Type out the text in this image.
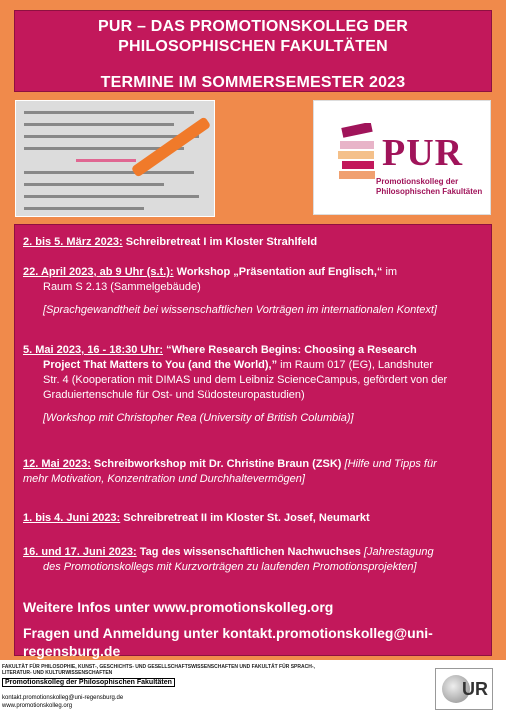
PUR – DAS PROMOTIONSKOLLEG DER
PHILOSOPHISCHEN FAKULTÄTEN
TERMINE IM SOMMERSEMESTER 2023
PUR
Promotionskolleg der
Philosophischen Fakultäten
2. bis 5. März 2023: Schreibretreat I im Kloster Strahlfeld
22. April 2023, ab 9 Uhr (s.t.): Workshop „Präsentation auf Englisch,“ im
Raum S 2.13 (Sammelgebäude)
[Sprachgewandtheit bei wissenschaftlichen Vorträgen im internationalen Kontext]
5. Mai 2023, 16 - 18:30 Uhr: “Where Research Begins: Choosing a Research
Project That Matters to You (and the World),” im Raum 017 (EG), Landshuter
Str. 4 (Kooperation mit DIMAS und dem Leibniz ScienceCampus, gefördert von der
Graduiertenschule für Ost- und Südosteuropastudien)
[Workshop mit Christopher Rea (University of British Columbia)]
12. Mai 2023: Schreibworkshop mit Dr. Christine Braun (ZSK) [Hilfe und Tipps für
mehr Motivation, Konzentration und Durchhaltevermögen]
1. bis 4. Juni 2023: Schreibretreat II im Kloster St. Josef, Neumarkt
16. und 17. Juni 2023: Tag des wissenschaftlichen Nachwuchses [Jahrestagung
des Promotionskollegs mit Kurzvorträgen zu laufenden Promotionsprojekten]
Weitere Infos unter www.promotionskolleg.org
Fragen und Anmeldung unter kontakt.promotionskolleg@uni-
regensburg.de
FAKULTÄT FÜR PHILOSOPHIE, KUNST-, GESCHICHTS- UND GESELLSCHAFTSWISSENSCHAFTEN UND FAKULTÄT FÜR SPRACH-, LITERATUR- UND KULTURWISSENSCHAFTEN
Promotionskolleg der Philosophischen Fakultäten
kontakt.promotionskolleg@uni-regensburg.de
www.promotionskolleg.org
UR
